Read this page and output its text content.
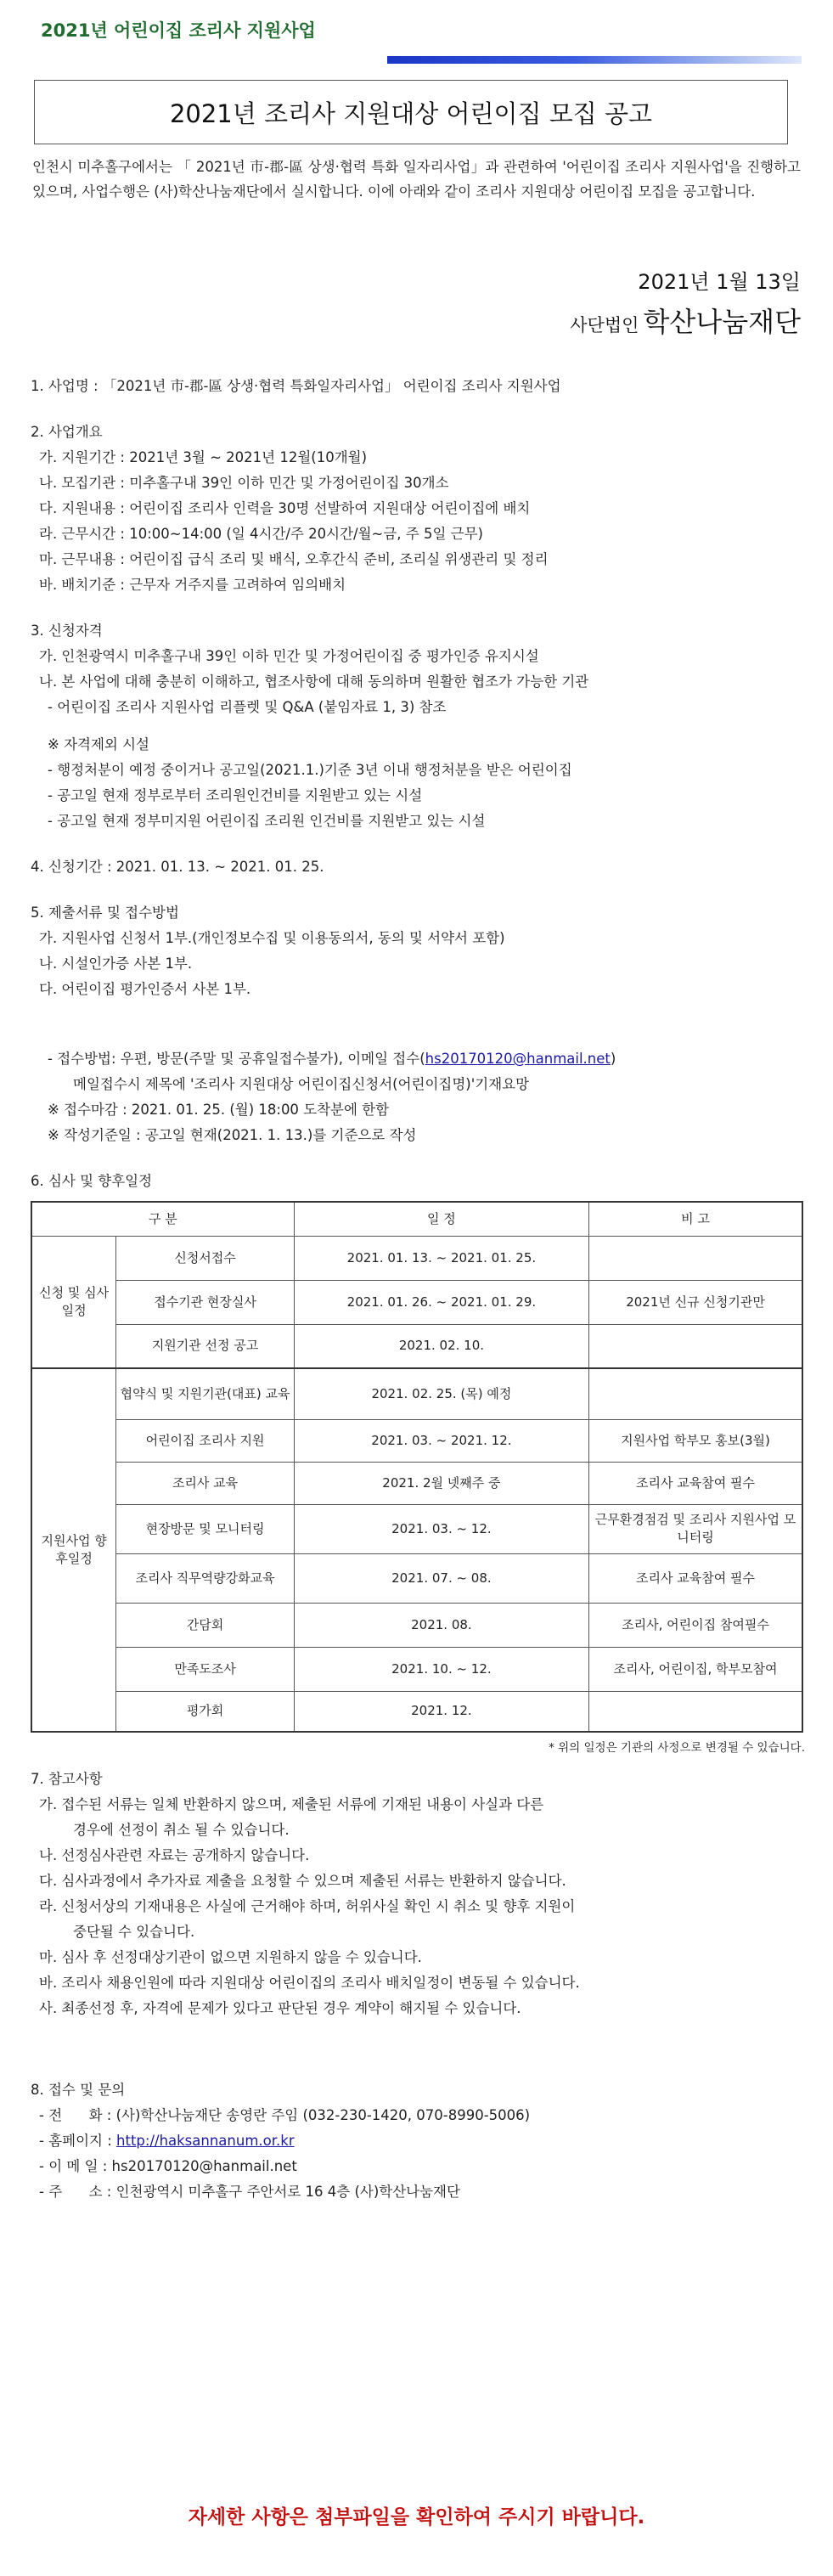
2021년 어린이집 조리사 지원사업
2021년 조리사 지원대상 어린이집 모집 공고
인천시 미추홀구에서는 「 2021년 市-郡-區 상생·협력 특화 일자리사업」과 관련하여 '어린이집 조리사 지원사업'을 진행하고 있으며, 사업수행은 (사)학산나눔재단에서 실시합니다. 이에 아래와 같이 조리사 지원대상 어린이집 모집을 공고합니다.
2021년 1월 13일
사단법인 학산나눔재단
1. 사업명 : 「2021년 市-郡-區 상생·협력 특화일자리사업」 어린이집 조리사 지원사업
2. 사업개요
가. 지원기간 : 2021년 3월 ~ 2021년 12월(10개월)
나. 모집기관 : 미추홀구내 39인 이하 민간 및 가정어린이집 30개소
다. 지원내용 : 어린이집 조리사 인력을 30명 선발하여 지원대상 어린이집에 배치
라. 근무시간 : 10:00~14:00 (일 4시간/주 20시간/월~금, 주 5일 근무)
마. 근무내용 : 어린이집 급식 조리 및 배식, 오후간식 준비, 조리실 위생관리 및 정리
바. 배치기준 : 근무자 거주지를 고려하여 임의배치
3. 신청자격
가. 인천광역시 미추홀구내 39인 이하 민간 및 가정어린이집 중 평가인증 유지시설
나. 본 사업에 대해 충분히 이해하고, 협조사항에 대해 동의하며 원활한 협조가 가능한 기관
- 어린이집 조리사 지원사업 리플렛 및 Q&A (붙임자료 1, 3) 참조
※ 자격제외 시설
- 행정처분이 예정 중이거나 공고일(2021.1.)기준 3년 이내 행정처분을 받은 어린이집
- 공고일 현재 정부로부터 조리원인건비를 지원받고 있는 시설
- 공고일 현재 정부미지원 어린이집 조리원 인건비를 지원받고 있는 시설
4. 신청기간 : 2021. 01. 13. ~ 2021. 01. 25.
5. 제출서류 및 접수방법
가. 지원사업 신청서 1부.(개인정보수집 및 이용동의서, 동의 및 서약서 포함)
나. 시설인가증 사본 1부.
다. 어린이집 평가인증서 사본 1부.
- 접수방법: 우편, 방문(주말 및 공휴일접수불가), 이메일 접수(hs20170120@hanmail.net)
메일접수시 제목에 '조리사 지원대상 어린이집신청서(어린이집명)'기재요망
※ 접수마감 : 2021. 01. 25. (월) 18:00 도착분에 한함
※ 작성기준일 : 공고일 현재(2021. 1. 13.)를 기준으로 작성
6. 심사 및 향후일정
구 분		일 정	비 고
신청 및 심사일정	신청서접수	2021. 01. 13. ~ 2021. 01. 25.	
	접수기관 현장실사	2021. 01. 26. ~ 2021. 01. 29.	2021년 신규 신청기관만
	지원기관 선정 공고	2021. 02. 10.	
지원사업 향후일정	협약식 및 지원기관(대표) 교육	2021. 02. 25. (목) 예정	
	어린이집 조리사 지원	2021. 03. ~ 2021. 12.	지원사업 학부모 홍보(3월)
	조리사 교육	2021. 2월 넷째주 중	조리사 교육참여 필수
	현장방문 및 모니터링	2021. 03. ~ 12.	근무환경점검 및 조리사 지원사업 모니터링
	조리사 직무역량강화교육	2021. 07. ~ 08.	조리사 교육참여 필수
	간담회	2021. 08.	조리사, 어린이집 참여필수
	만족도조사	2021. 10. ~ 12.	조리사, 어린이집, 학부모참여
	평가회	2021. 12.	
* 위의 일정은 기관의 사정으로 변경될 수 있습니다.
7. 참고사항
가. 접수된 서류는 일체 반환하지 않으며, 제출된 서류에 기재된 내용이 사실과 다른
경우에 선정이 취소 될 수 있습니다.
나. 선정심사관련 자료는 공개하지 않습니다.
다. 심사과정에서 추가자료 제출을 요청할 수 있으며 제출된 서류는 반환하지 않습니다.
라. 신청서상의 기재내용은 사실에 근거해야 하며, 허위사실 확인 시 취소 및 향후 지원이
중단될 수 있습니다.
마. 심사 후 선정대상기관이 없으면 지원하지 않을 수 있습니다.
바. 조리사 채용인원에 따라 지원대상 어린이집의 조리사 배치일정이 변동될 수 있습니다.
사. 최종선정 후, 자격에 문제가 있다고 판단된 경우 계약이 해지될 수 있습니다.
8. 접수 및 문의
- 전      화 : (사)학산나눔재단 송영란 주임 (032-230-1420, 070-8990-5006)
- 홈페이지 : http://haksannanum.or.kr
- 이 메 일 : hs20170120@hanmail.net
- 주      소 : 인천광역시 미추홀구 주안서로 16 4층 (사)학산나눔재단
자세한 사항은 첨부파일을 확인하여 주시기 바랍니다.
